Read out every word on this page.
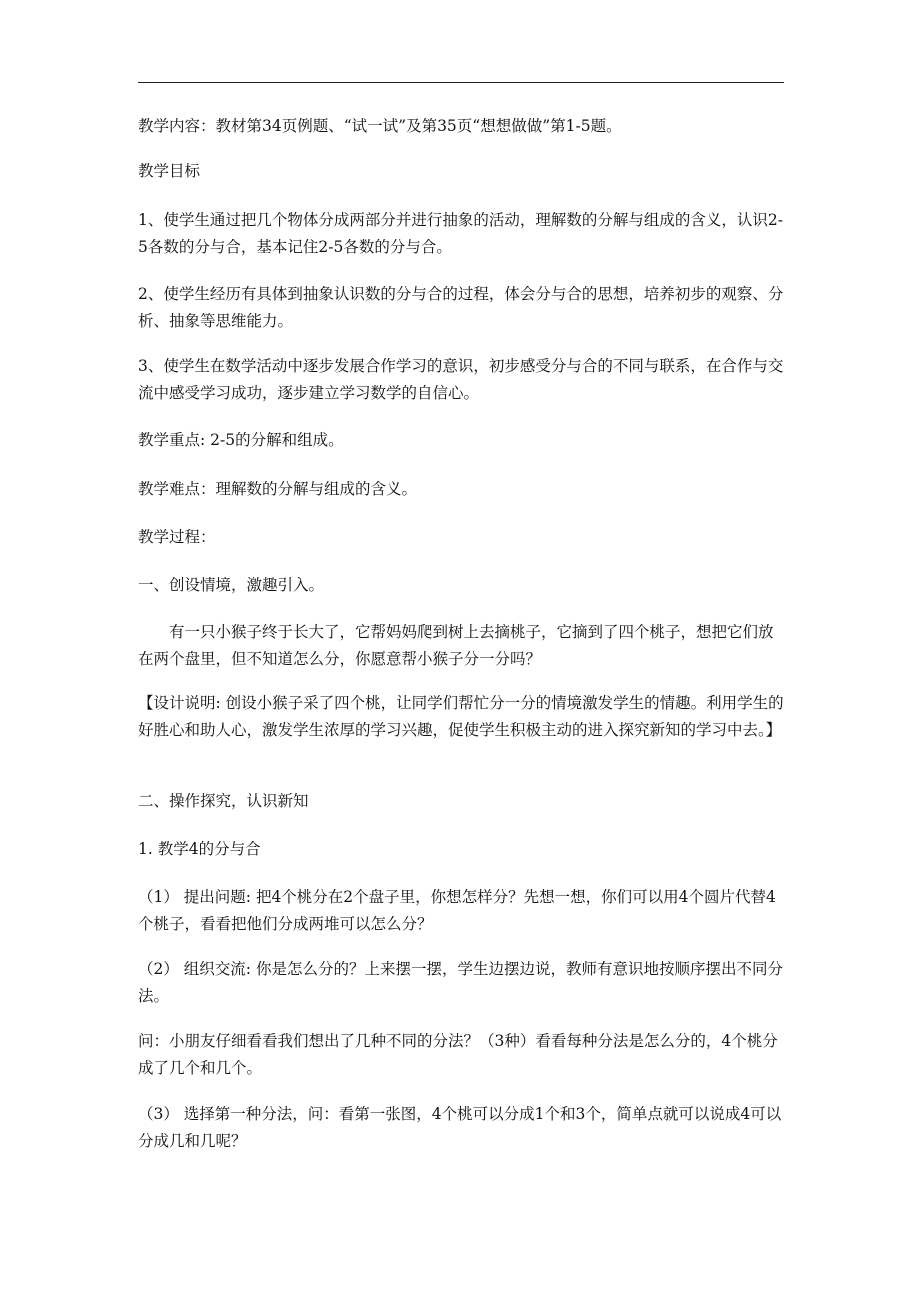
教学内容：教材第34页例题、“试一试”及第35页“想想做做”第1-5题。

教学目标

1、使学生通过把几个物体分成两部分并进行抽象的活动，理解数的分解与组成的含义，认识2-5各数的分与合，基本记住2-5各数的分与合。

2、使学生经历有具体到抽象认识数的分与合的过程，体会分与合的思想，培养初步的观察、分析、抽象等思维能力。

3、使学生在数学活动中逐步发展合作学习的意识，初步感受分与合的不同与联系，在合作与交流中感受学习成功，逐步建立学习数学的自信心。

教学重点: 2-5的分解和组成。

教学难点：理解数的分解与组成的含义。

教学过程：

一、创设情境，激趣引入。

有一只小猴子终于长大了，它帮妈妈爬到树上去摘桃子，它摘到了四个桃子，想把它们放在两个盘里，但不知道怎么分，你愿意帮小猴子分一分吗？

【设计说明: 创设小猴子采了四个桃，让同学们帮忙分一分的情境激发学生的情趣。利用学生的好胜心和助人心，激发学生浓厚的学习兴趣，促使学生积极主动的进入探究新知的学习中去。】

二、操作探究，认识新知

1. 教学4的分与合

（1） 提出问题: 把4个桃分在2个盘子里，你想怎样分？先想一想，你们可以用4个圆片代替4个桃子，看看把他们分成两堆可以怎么分？

（2） 组织交流: 你是怎么分的？上来摆一摆，学生边摆边说，教师有意识地按顺序摆出不同分法。

问：小朋友仔细看看我们想出了几种不同的分法？（3种）看看每种分法是怎么分的，4个桃分成了几个和几个。

（3） 选择第一种分法，问：看第一张图，4个桃可以分成1个和3个，简单点就可以说成4可以分成几和几呢？
